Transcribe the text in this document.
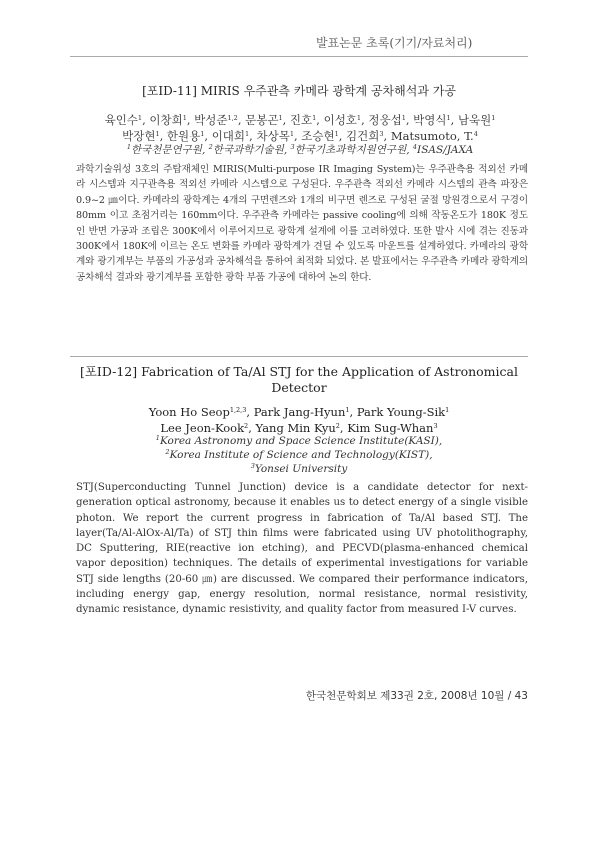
발표논문 초록(기기/자료처리)
[포ID-11] MIRIS 우주관측 카메라 광학계 공차해석과 가공
육인수$^1$, 이창희$^1$, 박성준$^{1,2}$, 문봉곤$^1$, 진호$^1$, 이성호$^1$, 정웅섭$^1$, 박영식$^1$, 남욱원$^1$
박장현$^1$, 한원용$^1$, 이대희$^1$, 차상목$^1$, 조승현$^1$, 김건희$^3$, Matsumoto, T.$^4$
$^1$한국천문연구원, $^2$한국과학기술원, $^3$한국기초과학지원연구원, $^4$ISAS/JAXA
과학기술위성 3호의 주탑재체인 MIRIS(Multi-purpose IR Imaging System)는 우주관측용 적외선 카메라 시스템과 지구관측용 적외선 카메라 시스템으로 구성된다. 우주관측 적외선 카메라 시스템의 관측 파장은 0.9~2 ㎛이다. 카메라의 광학계는 4개의 구면렌즈와 1개의 비구면 렌즈로 구성된 굴절 망원경으로서 구경이 80mm 이고 초점거리는 160mm이다. 우주관측 카메라는 passive cooling에 의해 작동온도가 180K 정도인 반면 가공과 조립은 300K에서 이루어지므로 광학계 설계에 이를 고려하였다. 또한 발사 시에 겪는 진동과 300K에서 180K에 이르는 온도 변화를 카메라 광학계가 견딜 수 있도록 마운트를 설계하였다. 카메라의 광학계와 광기계부는 부품의 가공성과 공차해석을 통하여 최적화 되었다. 본 발표에서는 우주관측 카메라 광학계의 공차해석 결과와 광기계부를 포함한 광학 부품 가공에 대하여 논의 한다.
[포ID-12] Fabrication of Ta/Al STJ for the Application of Astronomical Detector
Yoon Ho Seop$^{1,2,3}$, Park Jang-Hyun$^1$, Park Young-Sik$^1$
Lee Jeon-Kook$^2$, Yang Min Kyu$^2$, Kim Sug-Whan$^3$
$^1$Korea Astronomy and Space Science Institute(KASI),
$^2$Korea Institute of Science and Technology(KIST),
$^3$Yonsei University
STJ(Superconducting Tunnel Junction) device is a candidate detector for next-generation optical astronomy, because it enables us to detect energy of a single visible photon. We report the current progress in fabrication of Ta/Al based STJ. The layer(Ta/Al-AlOx-Al/Ta) of STJ thin films were fabricated using UV photolithography, DC Sputtering, RIE(reactive ion etching), and PECVD(plasma-enhanced chemical vapor deposition) techniques. The details of experimental investigations for variable STJ side lengths (20-60 ㎛) are discussed. We compared their performance indicators, including energy gap, energy resolution, normal resistance, normal resistivity, dynamic resistance, dynamic resistivity, and quality factor from measured I-V curves.
한국천문학회보 제33권 2호, 2008년 10월 / 43
